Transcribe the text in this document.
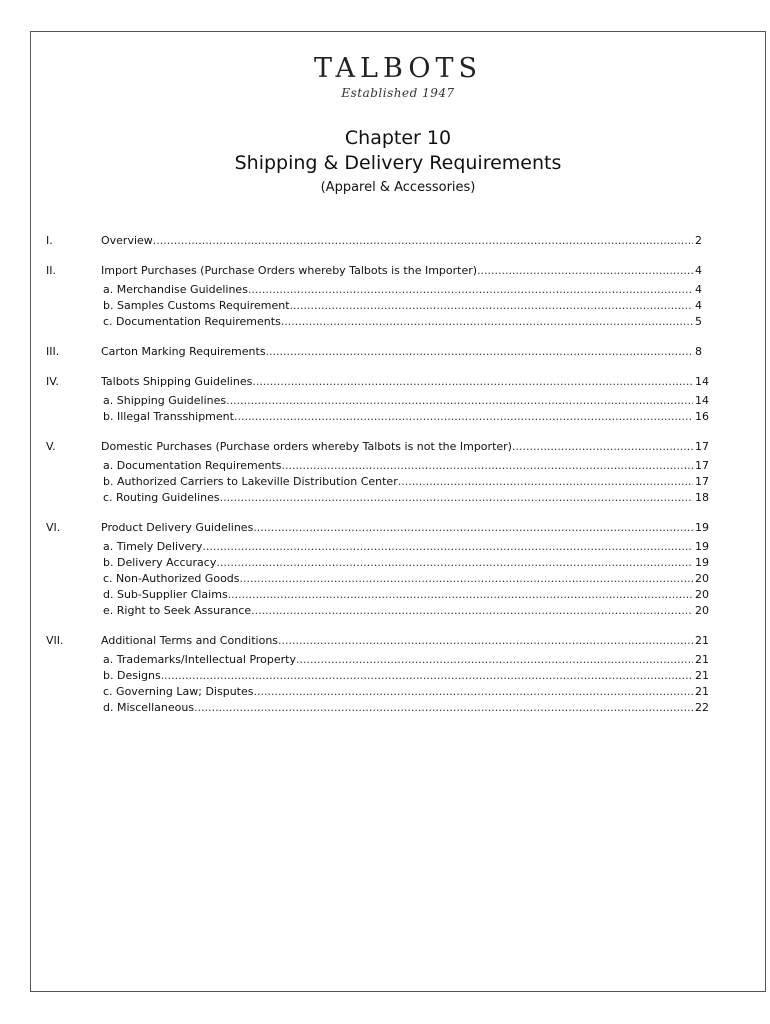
TALBOTS
Established 1947
Chapter 10
Shipping & Delivery Requirements
(Apparel & Accessories)
I.	Overview .....	2
II.	Import Purchases (Purchase Orders whereby Talbots is the Importer) .....	4
a. Merchandise Guidelines .....	4
b. Samples Customs Requirement .....	4
c. Documentation Requirements .....	5
III.	Carton Marking Requirements .....	8
IV.	Talbots Shipping Guidelines .....	14
a. Shipping Guidelines .....	14
b. Illegal Transshipment .....	16
V.	Domestic Purchases (Purchase orders whereby Talbots is not the Importer) .....	17
a. Documentation Requirements .....	17
b. Authorized Carriers to Lakeville Distribution Center .....	17
c. Routing Guidelines .....	18
VI.	Product Delivery Guidelines .....	19
a. Timely Delivery .....	19
b. Delivery Accuracy .....	19
c. Non-Authorized Goods .....	20
d. Sub-Supplier Claims .....	20
e. Right to Seek Assurance .....	20
VII.	Additional Terms and Conditions .....	21
a. Trademarks/Intellectual Property .....	21
b. Designs .....	21
c. Governing Law; Disputes .....	21
d. Miscellaneous .....	22
